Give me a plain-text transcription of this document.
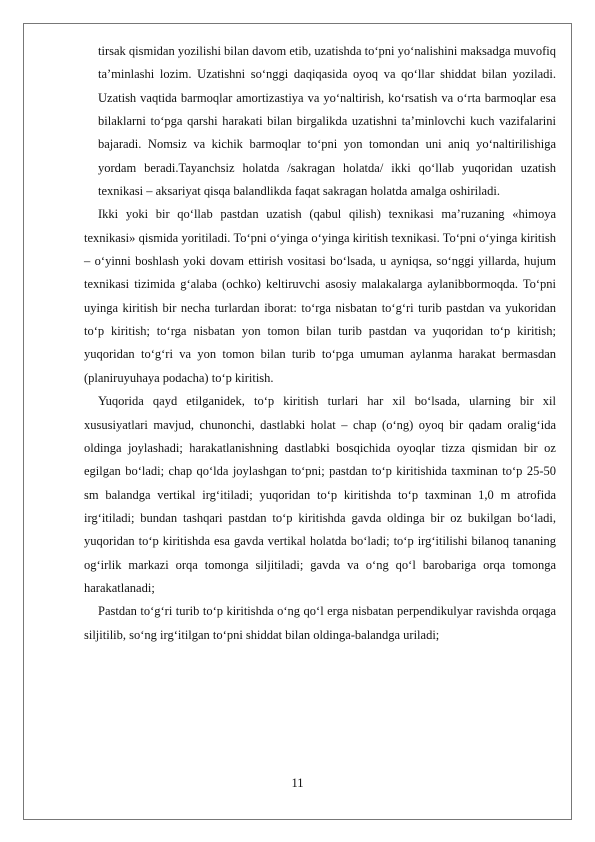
tirsak qismidan yozilishi bilan davom etib, uzatishda to‘pni yo‘nalishini maksadga muvofiq ta’minlashi lozim. Uzatishni so‘nggi daqiqasida oyoq va qo‘llar shiddat bilan yoziladi. Uzatish vaqtida barmoqlar amortizastiya va yo‘naltirish, ko‘rsatish va o‘rta barmoqlar esa bilaklarni to‘pga qarshi harakati bilan birgalikda uzatishni ta’minlovchi kuch vazifalarini bajaradi. Nomsiz va kichik barmoqlar to‘pni yon tomondan uni aniq yo‘naltirilishiga yordam beradi.Tayanchsiz holatda /sakragan holatda/ ikki qo‘llab yuqoridan uzatish texnikasi – aksariyat qisqa balandlikda faqat sakragan holatda amalga oshiriladi.

Ikki yoki bir qo‘llab pastdan uzatish (qabul qilish) texnikasi ma’ruzaning «himoya texnikasi» qismida yoritiladi. To‘pni o‘yinga o‘yinga kiritish texnikasi. To‘pni o‘yinga kiritish – o‘yinni boshlash yoki dovam ettirish vositasi bo‘lsada, u ayniqsa, so‘nggi yillarda, hujum texnikasi tizimida g‘alaba (ochko) keltiruvchi asosiy malakalarga aylanibbormoqda. To‘pni uyinga kiritish bir necha turlardan iborat: to‘rga nisbatan to‘g‘ri turib pastdan va yukoridan to‘p kiritish; to‘rga nisbatan yon tomon bilan turib pastdan va yuqoridan to‘p kiritish; yuqoridan to‘g‘ri va yon tomon bilan turib to‘pga umuman aylanma harakat bermasdan (planiruyuhaya podacha) to‘p kiritish.

Yuqorida qayd etilganidek, to‘p kiritish turlari har xil bo‘lsada, ularning bir xil xususiyatlari mavjud, chunonchi, dastlabki holat – chap (o‘ng) oyoq bir qadam oralig‘ida oldinga joylashadi; harakatlanishning dastlabki bosqichida oyoqlar tizza qismidan bir oz egilgan bo‘ladi; chap qo‘lda joylashgan to‘pni; pastdan to‘p kiritishida taxminan to‘p 25-50 sm balandga vertikal irg‘itiladi; yuqoridan to‘p kiritishda to‘p taxminan 1,0 m atrofida irg‘itiladi; bundan tashqari pastdan to‘p kiritishda gavda oldinga bir oz bukilgan bo‘ladi, yuqoridan to‘p kiritishda esa gavda vertikal holatda bo‘ladi; to‘p irg‘itilishi bilanoq tananing og‘irlik markazi orqa tomonga siljitiladi; gavda va o‘ng qo‘l barobariga orqa tomonga harakatlanadi;

Pastdan to‘g‘ri turib to‘p kiritishda o‘ng qo‘l erga nisbatan perpendikulyar ravishda orqaga siljitilib, so‘ng irg‘itilgan to‘pni shiddat bilan oldinga-balandga uriladi;

11
